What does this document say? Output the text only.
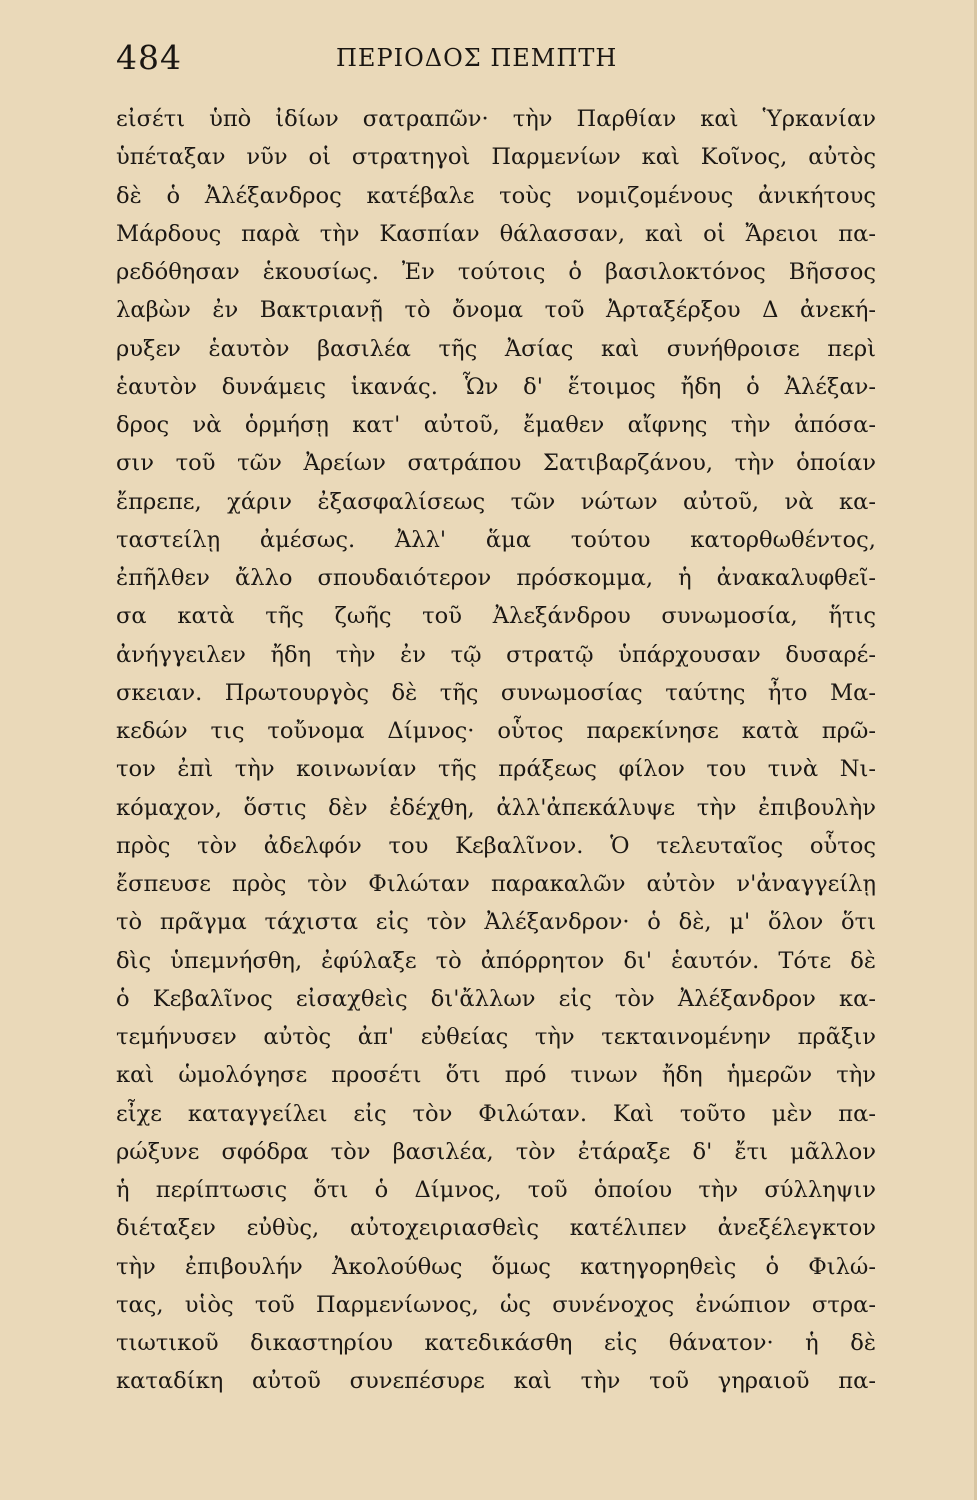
484	ΠΕΡΙΟΔΟΣ ΠΕΜΠΤΗ
εἰσέτι ὑπὸ ἰδίων σατραπῶν· τὴν Παρθίαν καὶ Ὑρκανίαν
ὑπέταξαν νῦν οἱ στρατηγοὶ Παρμενίων καὶ Κοῖνος, αὐτὸς
δὲ ὁ Ἀλέξανδρος κατέβαλε τοὺς νομιζομένους ἀνικήτους
Μάρδους παρὰ τὴν Κασπίαν θάλασσαν, καὶ οἱ Ἄρειοι πα-
ρεδόθησαν ἑκουσίως. Ἐν τούτοις ὁ βασιλοκτόνος Βῆσσος
λαβὼν ἐν Βακτριανῇ τὸ ὄνομα τοῦ Ἀρταξέρξου Δ ἀνεκή-
ρυξεν ἑαυτὸν βασιλέα τῆς Ἀσίας καὶ συνήθροισε περὶ
ἑαυτὸν δυνάμεις ἱκανάς. Ὧν δ' ἕτοιμος ἤδη ὁ Ἀλέξαν-
δρος νὰ ὁρμήσῃ κατ' αὐτοῦ, ἔμαθεν αἴφνης τὴν ἀπόσα-
σιν τοῦ τῶν Ἀρείων σατράπου Σατιβαρζάνου, τὴν ὁποίαν
ἔπρεπε, χάριν ἐξασφαλίσεως τῶν νώτων αὐτοῦ, νὰ κα-
ταστείλῃ ἀμέσως. Ἀλλ' ἅμα τούτου κατορθωθέντος,
ἐπῆλθεν ἄλλο σπουδαιότερον πρόσκομμα, ἡ ἀνακαλυφθεῖ-
σα κατὰ τῆς ζωῆς τοῦ Ἀλεξάνδρου συνωμοσία, ἥτις
ἀνήγγειλεν ἤδη τὴν ἐν τῷ στρατῷ ὑπάρχουσαν δυσαρέ-
σκειαν. Πρωτουργὸς δὲ τῆς συνωμοσίας ταύτης ἦτο Μα-
κεδών τις τοὔνομα Δίμνος· οὗτος παρεκίνησε κατὰ πρῶ-
τον ἐπὶ τὴν κοινωνίαν τῆς πράξεως φίλον του τινὰ Νι-
κόμαχον, ὅστις δὲν ἐδέχθη, ἀλλ'ἀπεκάλυψε τὴν ἐπιβουλὴν
πρὸς τὸν ἀδελφόν του Κεβαλῖνον. Ὁ τελευταῖος οὗτος
ἔσπευσε πρὸς τὸν Φιλώταν παρακαλῶν αὐτὸν ν'ἀναγγείλῃ
τὸ πρᾶγμα τάχιστα εἰς τὸν Ἀλέξανδρον· ὁ δὲ, μ' ὅλον ὅτι
δὶς ὑπεμνήσθη, ἐφύλαξε τὸ ἀπόρρητον δι' ἑαυτόν. Τότε δὲ
ὁ Κεβαλῖνος εἰσαχθεὶς δι'ἄλλων εἰς τὸν Ἀλέξανδρον κα-
τεμήνυσεν αὐτὸς ἀπ' εὐθείας τὴν τεκταινομένην πρᾶξιν
καὶ ὡμολόγησε προσέτι ὅτι πρό τινων ἤδη ἡμερῶν τὴν
εἶχε καταγγείλει εἰς τὸν Φιλώταν. Καὶ τοῦτο μὲν πα-
ρώξυνε σφόδρα τὸν βασιλέα, τὸν ἐτάραξε δ' ἔτι μᾶλλον
ἡ περίπτωσις ὅτι ὁ Δίμνος, τοῦ ὁποίου τὴν σύλληψιν
διέταξεν εὐθὺς, αὐτοχειριασθεὶς κατέλιπεν ἀνεξέλεγκτον
τὴν ἐπιβουλήν Ἀκολούθως ὅμως κατηγορηθεὶς ὁ Φιλώ-
τας, υἱὸς τοῦ Παρμενίωνος, ὡς συνένοχος ἐνώπιον στρα-
τιωτικοῦ δικαστηρίου κατεδικάσθη εἰς θάνατον· ἡ δὲ
καταδίκη αὐτοῦ συνεπέσυρε καὶ τὴν τοῦ γηραιοῦ πα-
